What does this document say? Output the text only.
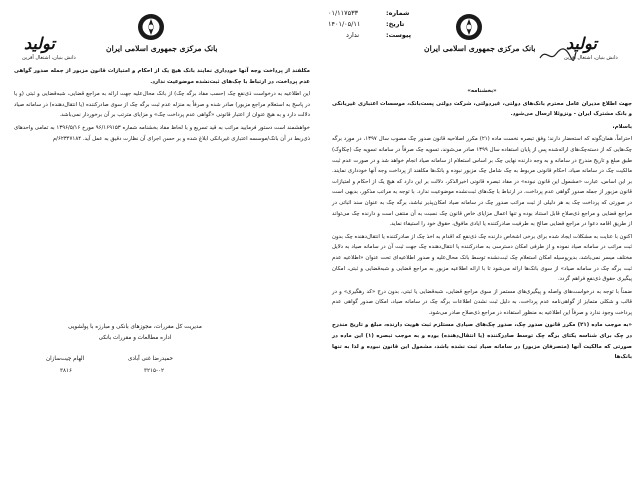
بانک مرکزی جمهوری اسلامی ایران
تولید
دانش بنیان، اشتغال آفرین

مکلفند از پرداخت وجه آنها خودداری نمایند بانک هیچ یک از احکام و امتیازات قانون مزبور از جمله صدور گواهی عدم پرداخت، در ارتباط با چک‌های ثبت‌نشده موضوعیت ندارد.

این اطلاعیه به درخواست ذی‌نفع چک (حسب مفاد برگه چک) از بانک محال‌علیه جهت ارائه به مراجع قضایی، شبه‌قضایی و ثبتی (و یا در پاسخ به استعلام مراجع مزبور) صادر شده و صرفاً به منزله عدم ثبت برگه چک از سوی صادرکننده (یا انتقال‌دهنده) در سامانه صیاد دلالت دارد و به هیچ عنوان از اعتبار قانونی «گواهی عدم پرداخت چک» و مزایای مترتب بر آن برخوردار نمی‌باشد.

خواهشمند است دستور فرمایید مراتب به قید تسریع و با لحاظ مفاد بخشنامه شماره ۹۶/۱۶۹۱۵۳ مورخ ۱۳۹۶/۵/۱۶ به تمامی واحدهای ذی‌ربط در آن بانک/موسسه اعتباری غیربانکی ابلاغ شده و بر حسن اجرای آن نظارت دقیق به عمل آید. ۶۲۳۴۷۱۸۴/م

مدیریت کل مقررات، مجوزهای بانکی و مبارزه با پولشویی
اداره مطالعات و مقررات بانکی
الهام چیت‌سازان
۳۸۱۶
حمیدرضا غنی آبادی
۳۲۱۵-۰۲
۰۱/۱۱۷۵۳۳	شماره:
۱۴۰۱/۰۵/۱۱	تاریخ:
ندارد	پیوست:
بانک مرکزی جمهوری اسلامی ایران تولید
دانش بنیان، اشتغال آفرین

«بخشنامه»

جهت اطلاع مدیران عامل محترم بانک‌های دولتی، غیردولتی، شرکت دولتی پست‌بانک، موسسات اعتباری غیربانکی و بانک مشترک ایران - ونزوئلا ارسال می‌شود.

باسلام،

احتراماً، همان‌گونه که استحضار دارند؛ وفق تبصره نخست ماده (۲۱) مکرر اصلاحیه قانون صدور چک مصوب سال ۱۳۹۷، در مورد برگه چک‌هایی که از دسته‌چک‌های ارائه‌شده پس از پایان استفاده سال ۱۳۹۹ صادر می‌شوند، تسویه چک صرفاً در سامانه تسویه چک (چکاوک) طبق مبلغ و تاریخ مندرج در سامانه و به وجه دارنده نهایی چک بر اساس استعلام از سامانه صیاد انجام خواهد شد و در صورت عدم ثبت مالکیت چک در سامانه صیاد، احکام قانونی مربوط به چک شامل چک مزبور نبوده و بانک‌ها مکلفند از پرداخت وجه آنها خودداری نمایند. بر این اساس، عبارت «مشمول این قانون نبوده» در مفاد تبصره قانونی اخیرالذکر، دلالت بر این دارد که هیچ یک از احکام و امتیازات قانون مزبور از جمله صدور گواهی عدم پرداخت، در ارتباط با چک‌های ثبت‌نشده موضوعیت ندارد. با توجه به مراتب مذکور، بدیهی است در صورتی که پرداخت چک به هر دلیلی از ثبت مراتب صدور چک در سامانه صیاد امکان‌پذیر نباشد، برگه چک به عنوان سند اثباتی در مراجع قضایی و مراجع ذی‌صلاح قابل استناد بوده و تنها اعمال مزایای خاص قانون چک نسبت به آن منتفی است و دارنده چک می‌تواند از طریق اقامه دعوا در مراجع قضایی صالح به طرفیت صادرکننده یا ایادی مافوق، حقوق خود را استیفاء نماید.

اکنون با عنایت به مشکلات ایجاد شده برای برخی اشخاص دارنده چک ذی‌نفع که اقدام به اخذ چک از صادرکننده یا انتقال‌دهنده چک بدون ثبت مراتب در سامانه صیاد نموده و از طرفی امکان دسترسی به صادرکننده یا انتقال‌دهنده چک جهت ثبت آن در سامانه صیاد به دلایل مختلف میسر نمی‌باشد، بدین‌وسیله امکان استعلام چک ثبت‌نشده توسط بانک محال‌علیه و صدور اطلاعیه‌ای تحت عنوان «اطلاعیه عدم ثبت برگه چک در سامانه صیاد» از سوی بانک‌ها ارائه می‌شود تا با ارائه اطلاعیه مزبور به مراجع قضایی و شبه‌قضایی و ثبتی، امکان پیگیری حقوق ذی‌نفع فراهم گردد.

ضمناً با توجه به درخواست‌های واصله و پیگیری‌های مستمر از سوی مراجع قضایی، شبه‌قضایی یا ثبتی، بدون درج «کد رهگیری» و در قالب و شکلی متمایز از گواهی‌نامه عدم پرداخت، به دلیل ثبت نشدن اطلاعات برگه چک در سامانه صیاد، امکان صدور گواهی عدم پرداخت وجود ندارد و صرفاً این اطلاعیه به منظور استفاده در مراجع ذی‌صلاح صادر می‌شود.

«به موجب ماده (۲۱) مکرر قانون صدور چک، صدور چک‌های صیادی مستلزم ثبت هویت دارنده، مبلغ و تاریخ مندرج در چک برای شناسه یکتای برگه چک توسط صادرکننده (یا انتقال‌دهنده) بوده و به موجب تبصره (۱) این ماده در صورتی که مالکیت آنها (متصرفان مزبور) در سامانه صیاد ثبت نشده باشد، مشمول این قانون نبوده و لذا به تنها بانک‌ها
